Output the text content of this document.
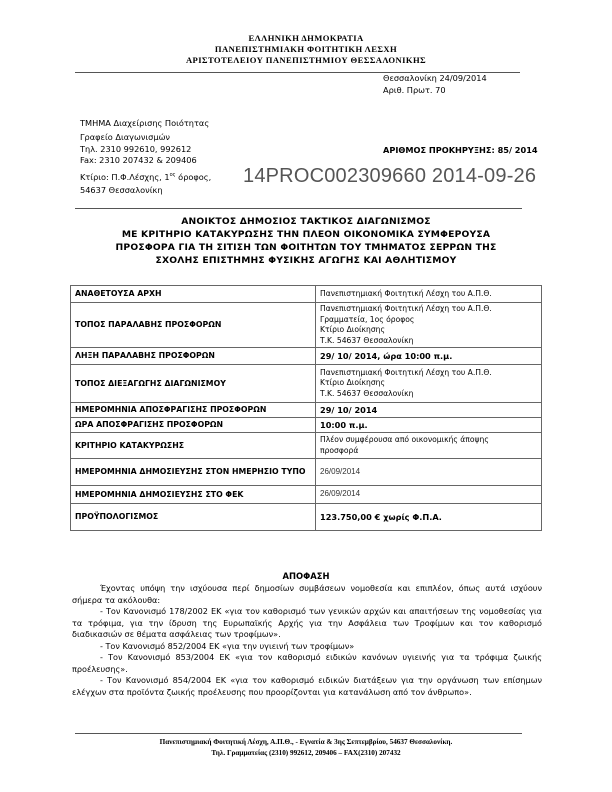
ΕΛΛΗΝΙΚΗ ΔΗΜΟΚΡΑΤΙΑ
ΠΑΝΕΠΙΣΤΗΜΙΑΚΗ ΦΟΙΤΗΤΙΚΗ ΛΕΣΧΗ
ΑΡΙΣΤΟΤΕΛΕΙΟΥ ΠΑΝΕΠΙΣΤΗΜΙΟΥ ΘΕΣΣΑΛΟΝΙΚΗΣ
Θεσσαλονίκη 24/09/2014
Αριθ. Πρωτ. 70
ΤΜΗΜΑ Διαχείρισης Ποιότητας
Γραφείο Διαγωνισμών
Τηλ. 2310 992610, 992612
Fax: 2310 207432 & 209406
Κτίριο: Π.Φ.Λέσχης, $1^{o\varsigma}$ όροφος,
54637 Θεσσαλονίκη
ΑΡΙΘΜΟΣ ΠΡΟΚΗΡΥΞΗΣ: 85/ 2014
14PROC002309660 2014-09-26
ΑΝΟΙΚΤΟΣ ΔΗΜΟΣΙΟΣ ΤΑΚΤΙΚΟΣ ΔΙΑΓΩΝΙΣΜΟΣ
ΜΕ ΚΡΙΤΗΡΙΟ ΚΑΤΑΚΥΡΩΣΗΣ ΤΗΝ ΠΛΕΟΝ ΟΙΚΟΝΟΜΙΚΑ ΣΥΜΦΕΡΟΥΣΑ
ΠΡΟΣΦΟΡΑ ΓΙΑ ΤΗ ΣΙΤΙΣΗ ΤΩΝ ΦΟΙΤΗΤΩΝ ΤΟΥ ΤΜΗΜΑΤΟΣ ΣΕΡΡΩΝ ΤΗΣ
ΣΧΟΛΗΣ ΕΠΙΣΤΗΜΗΣ ΦΥΣΙΚΗΣ ΑΓΩΓΗΣ ΚΑΙ ΑΘΛΗΤΙΣΜΟΥ
ΑΝΑΘΕΤΟΥΣΑ ΑΡΧΗ	Πανεπιστημιακή Φοιτητική Λέσχη του Α.Π.Θ.

ΤΟΠΟΣ ΠΑΡΑΛΑΒΗΣ ΠΡΟΣΦΟΡΩΝ	Πανεπιστημιακή Φοιτητική Λέσχη του Α.Π.Θ.
Γραμματεία, 1ος όροφος
Κτίριο Διοίκησης
Τ.Κ. 54637 Θεσσαλονίκη

ΛΗΞΗ ΠΑΡΑΛΑΒΗΣ ΠΡΟΣΦΟΡΩΝ	29/ 10/ 2014, ώρα 10:00 π.μ.

ΤΟΠΟΣ ΔΙΕΞΑΓΩΓΗΣ ΔΙΑΓΩΝΙΣΜΟΥ	Πανεπιστημιακή Φοιτητική Λέσχη του Α.Π.Θ.
Κτίριο Διοίκησης
Τ.Κ. 54637 Θεσσαλονίκη

ΗΜΕΡΟΜΗΝΙΑ ΑΠΟΣΦΡΑΓΙΣΗΣ ΠΡΟΣΦΟΡΩΝ	29/ 10/ 2014

ΩΡΑ ΑΠΟΣΦΡΑΓΙΣΗΣ ΠΡΟΣΦΟΡΩΝ	10:00 π.μ.

ΚΡΙΤΗΡΙΟ ΚΑΤΑΚΥΡΩΣΗΣ	Πλέον συμφέρουσα από οικονομικής άποψης
προσφορά

ΗΜΕΡΟΜΗΝΙΑ ΔΗΜΟΣΙΕΥΣΗΣ ΣΤΟΝ ΗΜΕΡΗΣΙΟ ΤΥΠΟ	26/09/2014

ΗΜΕΡΟΜΗΝΙΑ ΔΗΜΟΣΙΕΥΣΗΣ ΣΤΟ ΦΕΚ	26/09/2014

ΠΡΟΫΠΟΛΟΓΙΣΜΟΣ	123.750,00 € χωρίς Φ.Π.Α.
ΑΠΟΦΑΣΗ

Έχοντας υπόψη την ισχύουσα περί δημοσίων συμβάσεων νομοθεσία και επιπλέον, όπως αυτά ισχύουν σήμερα τα ακόλουθα:

- Τον Κανονισμό 178/2002 ΕΚ «για τον καθορισμό των γενικών αρχών και απαιτήσεων της νομοθεσίας για τα τρόφιμα, για την ίδρυση της Ευρωπαϊκής Αρχής για την Ασφάλεια των Τροφίμων και τον καθορισμό διαδικασιών σε θέματα ασφάλειας των τροφίμων».

- Τον Κανονισμό 852/2004 ΕΚ «για την υγιεινή των τροφίμων»

- Τον Κανονισμό 853/2004 ΕΚ «για τον καθορισμό ειδικών κανόνων υγιεινής για τα τρόφιμα ζωικής προέλευσης».

- Τον Κανονισμό 854/2004 ΕΚ «για τον καθορισμό ειδικών διατάξεων για την οργάνωση των επίσημων ελέγχων στα προϊόντα ζωικής προέλευσης που προορίζονται για κατανάλωση από τον άνθρωπο».

Πανεπιστημιακή Φοιτητική Λέσχη, Α.Π.Θ., - Εγνατία & 3ης Σεπτεμβρίου, 54637 Θεσσαλονίκη.
Τηλ. Γραμματείας (2310) 992612, 209406 – FAX(2310) 207432
